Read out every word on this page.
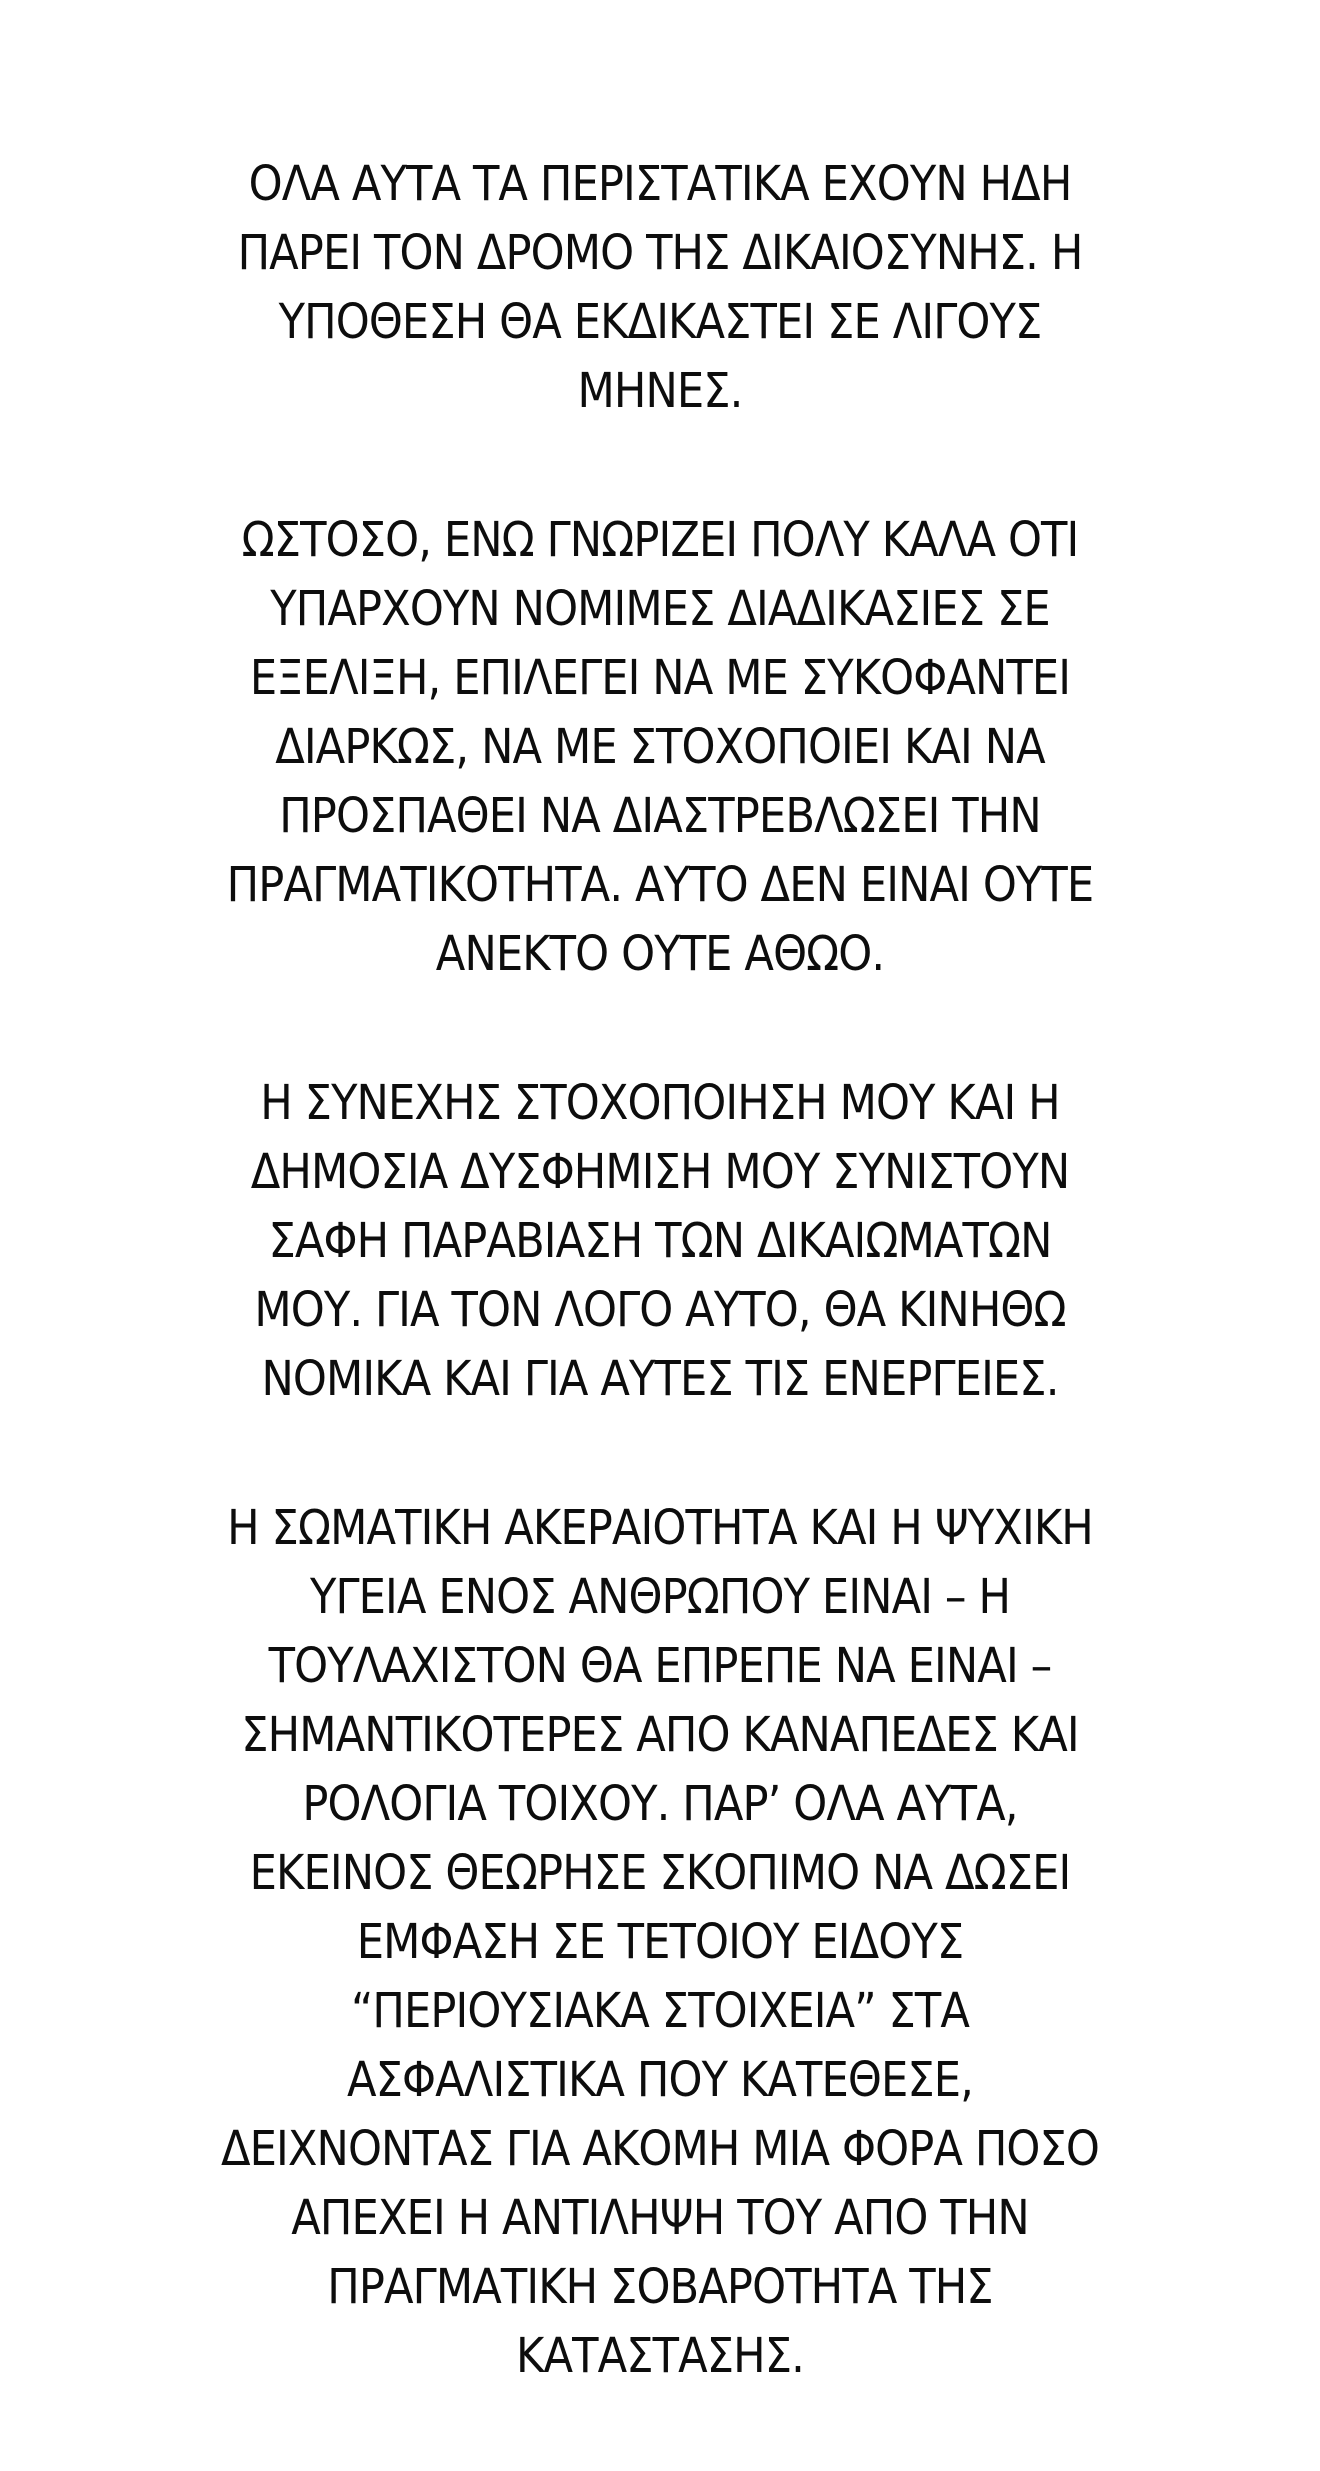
ΟΛΑ ΑΥΤΑ ΤΑ ΠΕΡΙΣΤΑΤΙΚΑ ΕΧΟΥΝ ΗΔΗ
ΠΑΡΕΙ ΤΟΝ ΔΡΟΜΟ ΤΗΣ ΔΙΚΑΙΟΣΥΝΗΣ. Η
ΥΠΟΘΕΣΗ ΘΑ ΕΚΔΙΚΑΣΤΕΙ ΣΕ ΛΙΓΟΥΣ
ΜΗΝΕΣ.
ΩΣΤΟΣΟ, ΕΝΩ ΓΝΩΡΙΖΕΙ ΠΟΛΥ ΚΑΛΑ ΟΤΙ
ΥΠΑΡΧΟΥΝ ΝΟΜΙΜΕΣ ΔΙΑΔΙΚΑΣΙΕΣ ΣΕ
ΕΞΕΛΙΞΗ, ΕΠΙΛΕΓΕΙ ΝΑ ΜΕ ΣΥΚΟΦΑΝΤΕΙ
ΔΙΑΡΚΩΣ, ΝΑ ΜΕ ΣΤΟΧΟΠΟΙΕΙ ΚΑΙ ΝΑ
ΠΡΟΣΠΑΘΕΙ ΝΑ ΔΙΑΣΤΡΕΒΛΩΣΕΙ ΤΗΝ
ΠΡΑΓΜΑΤΙΚΟΤΗΤΑ. ΑΥΤΟ ΔΕΝ ΕΙΝΑΙ ΟΥΤΕ
ΑΝΕΚΤΟ ΟΥΤΕ ΑΘΩΟ.
Η ΣΥΝΕΧΗΣ ΣΤΟΧΟΠΟΙΗΣΗ ΜΟΥ ΚΑΙ Η
ΔΗΜΟΣΙΑ ΔΥΣΦΗΜΙΣΗ ΜΟΥ ΣΥΝΙΣΤΟΥΝ
ΣΑΦΗ ΠΑΡΑΒΙΑΣΗ ΤΩΝ ΔΙΚΑΙΩΜΑΤΩΝ
ΜΟΥ. ΓΙΑ ΤΟΝ ΛΟΓΟ ΑΥΤΟ, ΘΑ ΚΙΝΗΘΩ
ΝΟΜΙΚΑ ΚΑΙ ΓΙΑ ΑΥΤΕΣ ΤΙΣ ΕΝΕΡΓΕΙΕΣ.
Η ΣΩΜΑΤΙΚΗ ΑΚΕΡΑΙΟΤΗΤΑ ΚΑΙ Η ΨΥΧΙΚΗ
ΥΓΕΙΑ ΕΝΟΣ ΑΝΘΡΩΠΟΥ ΕΙΝΑΙ – Η
ΤΟΥΛΑΧΙΣΤΟΝ ΘΑ ΕΠΡΕΠΕ ΝΑ ΕΙΝΑΙ –
ΣΗΜΑΝΤΙΚΟΤΕΡΕΣ ΑΠΟ ΚΑΝΑΠΕΔΕΣ ΚΑΙ
ΡΟΛΟΓΙΑ ΤΟΙΧΟΥ. ΠΑΡ’ ΟΛΑ ΑΥΤΑ,
ΕΚΕΙΝΟΣ ΘΕΩΡΗΣΕ ΣΚΟΠΙΜΟ ΝΑ ΔΩΣΕΙ
ΕΜΦΑΣΗ ΣΕ ΤΕΤΟΙΟΥ ΕΙΔΟΥΣ
“ΠΕΡΙΟΥΣΙΑΚΑ ΣΤΟΙΧΕΙΑ” ΣΤΑ
ΑΣΦΑΛΙΣΤΙΚΑ ΠΟΥ ΚΑΤΕΘΕΣΕ,
ΔΕΙΧΝΟΝΤΑΣ ΓΙΑ ΑΚΟΜΗ ΜΙΑ ΦΟΡΑ ΠΟΣΟ
ΑΠΕΧΕΙ Η ΑΝΤΙΛΗΨΗ ΤΟΥ ΑΠΟ ΤΗΝ
ΠΡΑΓΜΑΤΙΚΗ ΣΟΒΑΡΟΤΗΤΑ ΤΗΣ
ΚΑΤΑΣΤΑΣΗΣ.
